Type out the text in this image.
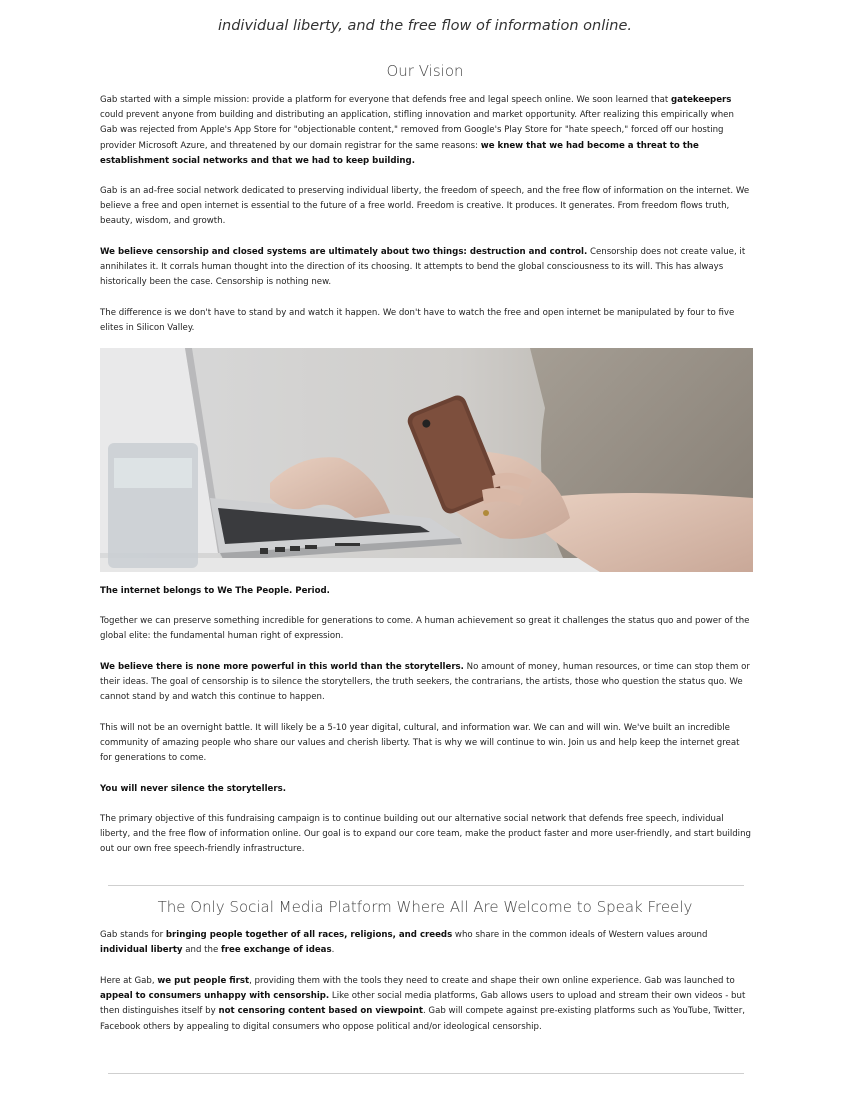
individual liberty, and the free flow of information online.
Our Vision
Gab started with a simple mission: provide a platform for everyone that defends free and legal speech online. We soon learned that gatekeepers could prevent anyone from building and distributing an application, stifling innovation and market opportunity. After realizing this empirically when Gab was rejected from Apple's App Store for "objectionable content," removed from Google's Play Store for "hate speech," forced off our hosting provider Microsoft Azure, and threatened by our domain registrar for the same reasons: we knew that we had become a threat to the establishment social networks and that we had to keep building.
Gab is an ad-free social network dedicated to preserving individual liberty, the freedom of speech, and the free flow of information on the internet. We believe a free and open internet is essential to the future of a free world. Freedom is creative. It produces. It generates. From freedom flows truth, beauty, wisdom, and growth.
We believe censorship and closed systems are ultimately about two things: destruction and control. Censorship does not create value, it annihilates it. It corrals human thought into the direction of its choosing. It attempts to bend the global consciousness to its will. This has always historically been the case. Censorship is nothing new.
The difference is we don't have to stand by and watch it happen. We don't have to watch the free and open internet be manipulated by four to five elites in Silicon Valley.
The internet belongs to We The People. Period.
Together we can preserve something incredible for generations to come. A human achievement so great it challenges the status quo and power of the global elite: the fundamental human right of expression.
We believe there is none more powerful in this world than the storytellers. No amount of money, human resources, or time can stop them or their ideas. The goal of censorship is to silence the storytellers, the truth seekers, the contrarians, the artists, those who question the status quo. We cannot stand by and watch this continue to happen.
This will not be an overnight battle. It will likely be a 5-10 year digital, cultural, and information war. We can and will win. We've built an incredible community of amazing people who share our values and cherish liberty. That is why we will continue to win. Join us and help keep the internet great for generations to come.
You will never silence the storytellers.
The primary objective of this fundraising campaign is to continue building out our alternative social network that defends free speech, individual liberty, and the free flow of information online. Our goal is to expand our core team, make the product faster and more user-friendly, and start building out our own free speech-friendly infrastructure.
The Only Social Media Platform Where All Are Welcome to Speak Freely
Gab stands for bringing people together of all races, religions, and creeds who share in the common ideals of Western values around individual liberty and the free exchange of ideas.
Here at Gab, we put people first, providing them with the tools they need to create and shape their own online experience. Gab was launched to appeal to consumers unhappy with censorship. Like other social media platforms, Gab allows users to upload and stream their own videos - but then distinguishes itself by not censoring content based on viewpoint. Gab will compete against pre-existing platforms such as YouTube, Twitter, Facebook others by appealing to digital consumers who oppose political and/or ideological censorship.
